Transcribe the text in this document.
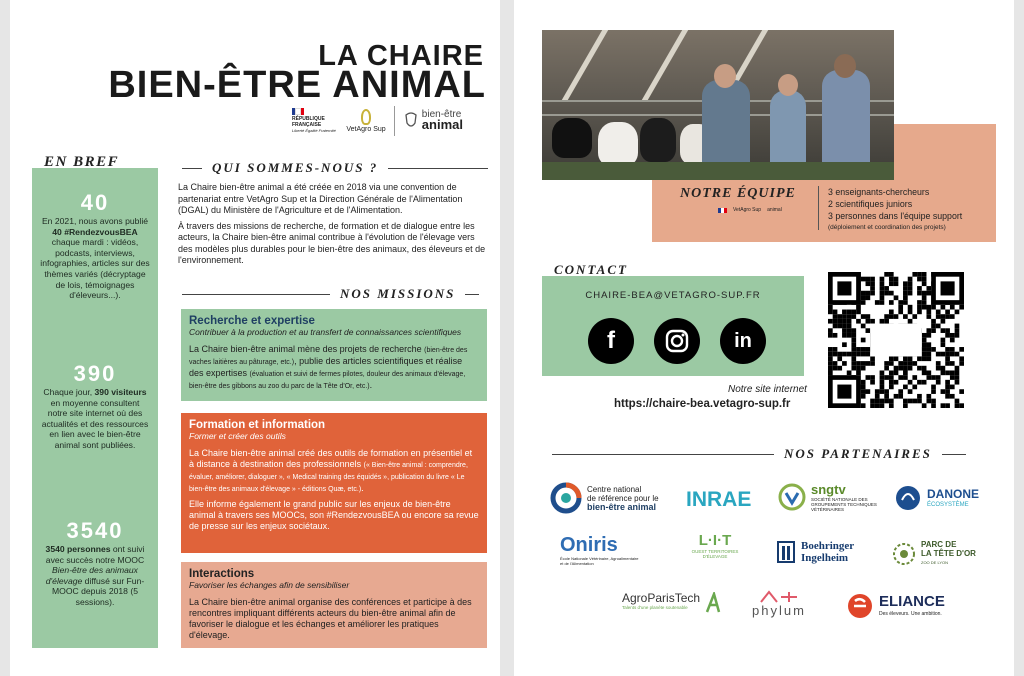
LA CHAIRE
BIEN-ÊTRE ANIMAL
RÉPUBLIQUE FRANÇAISE
Liberté Égalité Fraternité	VetAgro Sup
bien-être
animal
40

En 2021, nous avons publié 40 #RendezvousBEA chaque mardi : vidéos, podcasts, interviews, infographies, articles sur des thèmes variés (décryptage de lois, témoignages d'éleveurs...).

390

Chaque jour, 390 visiteurs en moyenne consultent notre site internet où des actualités et des ressources en lien avec le bien-être animal sont publiées.

3540

3540 personnes ont suivi avec succès notre MOOC Bien-être des animaux d'élevage diffusé sur Fun-MOOC depuis 2018 (5 sessions).

EN BREF	QUI SOMMES-NOUS ?

La Chaire bien-être animal a été créée en 2018 via une convention de partenariat entre VetAgro Sup et la Direction Générale de l'Alimentation (DGAL) du Ministère de l'Agriculture et de l'Alimentation.

À travers des missions de recherche, de formation et de dialogue entre les acteurs, la Chaire bien-être animal contribue à l'évolution de l'élevage vers des modèles plus durables pour le bien-être des animaux, des éleveurs et de l'environnement.

NOS MISSIONS
Recherche et expertise
Contribuer à la production et au transfert de connaissances scientifiques

La Chaire bien-être animal mène des projets de recherche (bien-être des vaches laitières au pâturage, etc.), publie des articles scientifiques et réalise des expertises (évaluation et suivi de fermes pilotes, douleur des animaux d'élevage, bien-être des gibbons au zoo du parc de la Tête d'Or, etc.).

Formation et information
Former et créer des outils

La Chaire bien-être animal créé des outils de formation en présentiel et à distance à destination des professionnels (« Bien-être animal : comprendre, évaluer, améliorer, dialoguer », « Medical training des équidés », publication du livre « Le bien-être des animaux d'élevage » - éditions Quæ, etc.).

Elle informe également le grand public sur les enjeux de bien-être animal à travers ses MOOCs, son #RendezvousBEA ou encore sa revue de presse sur les enjeux sociétaux.

Interactions
Favoriser les échanges afin de sensibiliser

La Chaire bien-être animal organise des conférences et participe à des rencontres impliquant différents acteurs du bien-être animal afin de favoriser le dialogue et les échanges et améliorer les pratiques d'élevage.

NOTRE ÉQUIPE
VetAgro Sup animal
3 enseignants-chercheurs
2 scientifiques juniors
3 personnes dans l'équipe support
(déploiement et coordination des projets)
CHAIRE-BEA@VETAGRO-SUP.FR
f	in
CONTACT
Notre site internet
https://chaire-bea.vetagro-sup.fr
NOS PARTENAIRES
Centre national
de référence pour le
bien-être animal INRAE	sngtv
SOCIÉTÉ NATIONALE DES GROUPEMENTS TECHNIQUES VÉTÉRINAIRES
DANONE
ÉCOSYSTÈME
Oniris
École Nationale Vétérinaire, Agroalimentaire et de l'Alimentation
L·I·T
OUEST TERRITOIRES D'ÉLEVAGE
Boehringer
Ingelheim
PARC DE
LA TÊTE D'OR
ZOO DE LYON
AgroParisTech
Talents d'une planète soutenable	phylum
ELIANCE
Des éleveurs. Une ambition.
